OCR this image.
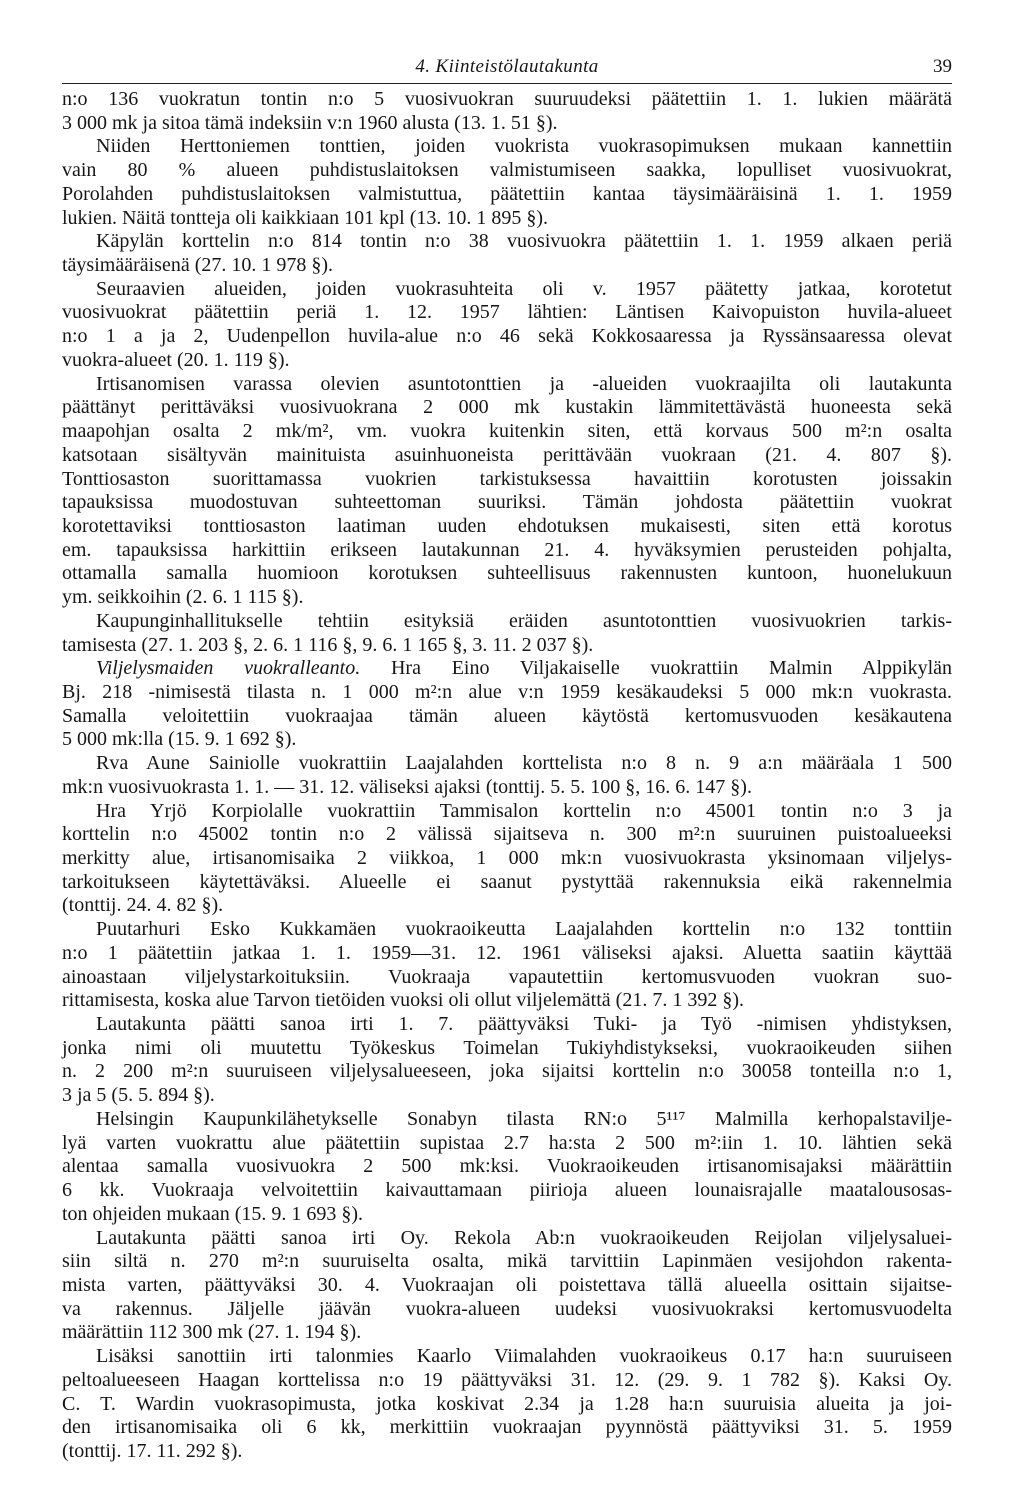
4. Kiinteistölautakunta	39
n:o 136 vuokratun tontin n:o 5 vuosivuokran suuruudeksi päätettiin 1. 1. lukien määrätä
3 000 mk ja sitoa tämä indeksiin v:n 1960 alusta (13. 1. 51 §).
Niiden Herttoniemen tonttien, joiden vuokrista vuokrasopimuksen mukaan kannettiin
vain 80 % alueen puhdistuslaitoksen valmistumiseen saakka, lopulliset vuosivuokrat,
Porolahden puhdistuslaitoksen valmistuttua, päätettiin kantaa täysimääräisinä 1. 1. 1959
lukien. Näitä tontteja oli kaikkiaan 101 kpl (13. 10. 1 895 §).
Käpylän korttelin n:o 814 tontin n:o 38 vuosivuokra päätettiin 1. 1. 1959 alkaen periä
täysimääräisenä (27. 10. 1 978 §).
Seuraavien alueiden, joiden vuokrasuhteita oli v. 1957 päätetty jatkaa, korotetut
vuosivuokrat päätettiin periä 1. 12. 1957 lähtien: Läntisen Kaivopuiston huvila-alueet
n:o 1 a ja 2, Uudenpellon huvila-alue n:o 46 sekä Kokkosaaressa ja Ryssänsaaressa olevat
vuokra-alueet (20. 1. 119 §).
Irtisanomisen varassa olevien asuntotonttien ja -alueiden vuokraajilta oli lautakunta
päättänyt perittäväksi vuosivuokrana 2 000 mk kustakin lämmitettävästä huoneesta sekä
maapohjan osalta 2 mk/m², vm. vuokra kuitenkin siten, että korvaus 500 m²:n osalta
katsotaan sisältyvän mainituista asuinhuoneista perittävään vuokraan (21. 4. 807 §).
Tonttiosaston suorittamassa vuokrien tarkistuksessa havaittiin korotusten joissakin
tapauksissa muodostuvan suhteettoman suuriksi. Tämän johdosta päätettiin vuokrat
korotettaviksi tonttiosaston laatiman uuden ehdotuksen mukaisesti, siten että korotus
em. tapauksissa harkittiin erikseen lautakunnan 21. 4. hyväksymien perusteiden pohjalta,
ottamalla samalla huomioon korotuksen suhteellisuus rakennusten kuntoon, huonelukuun
ym. seikkoihin (2. 6. 1 115 §).
Kaupunginhallitukselle tehtiin esityksiä eräiden asuntotonttien vuosivuokrien tarkis-
tamisesta (27. 1. 203 §, 2. 6. 1 116 §, 9. 6. 1 165 §, 3. 11. 2 037 §).
Viljelysmaiden vuokralleanto. Hra Eino Viljakaiselle vuokrattiin Malmin Alppikylän
Bj. 218 -nimisestä tilasta n. 1 000 m²:n alue v:n 1959 kesäkaudeksi 5 000 mk:n vuokrasta.
Samalla veloitettiin vuokraajaa tämän alueen käytöstä kertomusvuoden kesäkautena
5 000 mk:lla (15. 9. 1 692 §).
Rva Aune Sainiolle vuokrattiin Laajalahden korttelista n:o 8 n. 9 a:n määräala 1 500
mk:n vuosivuokrasta 1. 1. — 31. 12. väliseksi ajaksi (tonttij. 5. 5. 100 §, 16. 6. 147 §).
Hra Yrjö Korpiolalle vuokrattiin Tammisalon korttelin n:o 45001 tontin n:o 3 ja
korttelin n:o 45002 tontin n:o 2 välissä sijaitseva n. 300 m²:n suuruinen puistoalueeksi
merkitty alue, irtisanomisaika 2 viikkoa, 1 000 mk:n vuosivuokrasta yksinomaan viljelys-
tarkoitukseen käytettäväksi. Alueelle ei saanut pystyttää rakennuksia eikä rakennelmia
(tonttij. 24. 4. 82 §).
Puutarhuri Esko Kukkamäen vuokraoikeutta Laajalahden korttelin n:o 132 tonttiin
n:o 1 päätettiin jatkaa 1. 1. 1959—31. 12. 1961 väliseksi ajaksi. Aluetta saatiin käyttää
ainoastaan viljelystarkoituksiin. Vuokraaja vapautettiin kertomusvuoden vuokran suo-
rittamisesta, koska alue Tarvon tietöiden vuoksi oli ollut viljelemättä (21. 7. 1 392 §).
Lautakunta päätti sanoa irti 1. 7. päättyväksi Tuki- ja Työ -nimisen yhdistyksen,
jonka nimi oli muutettu Työkeskus Toimelan Tukiyhdistykseksi, vuokraoikeuden siihen
n. 2 200 m²:n suuruiseen viljelysalueeseen, joka sijaitsi korttelin n:o 30058 tonteilla n:o 1,
3 ja 5 (5. 5. 894 §).
Helsingin Kaupunkilähetykselle Sonabyn tilasta RN:o 5¹¹⁷ Malmilla kerhopalstavilje-
lyä varten vuokrattu alue päätettiin supistaa 2.7 ha:sta 2 500 m²:iin 1. 10. lähtien sekä
alentaa samalla vuosivuokra 2 500 mk:ksi. Vuokraoikeuden irtisanomisajaksi määrättiin
6 kk. Vuokraaja velvoitettiin kaivauttamaan piirioja alueen lounaisrajalle maatalousosas-
ton ohjeiden mukaan (15. 9. 1 693 §).
Lautakunta päätti sanoa irti Oy. Rekola Ab:n vuokraoikeuden Reijolan viljelysaluei-
siin siltä n. 270 m²:n suuruiselta osalta, mikä tarvittiin Lapinmäen vesijohdon rakenta-
mista varten, päättyväksi 30. 4. Vuokraajan oli poistettava tällä alueella osittain sijaitse-
va rakennus. Jäljelle jäävän vuokra-alueen uudeksi vuosivuokraksi kertomusvuodelta
määrättiin 112 300 mk (27. 1. 194 §).
Lisäksi sanottiin irti talonmies Kaarlo Viimalahden vuokraoikeus 0.17 ha:n suuruiseen
peltoalueeseen Haagan korttelissa n:o 19 päättyväksi 31. 12. (29. 9. 1 782 §). Kaksi Oy.
C. T. Wardin vuokrasopimusta, jotka koskivat 2.34 ja 1.28 ha:n suuruisia alueita ja joi-
den irtisanomisaika oli 6 kk, merkittiin vuokraajan pyynnöstä päättyviksi 31. 5. 1959
(tonttij. 17. 11. 292 §).
